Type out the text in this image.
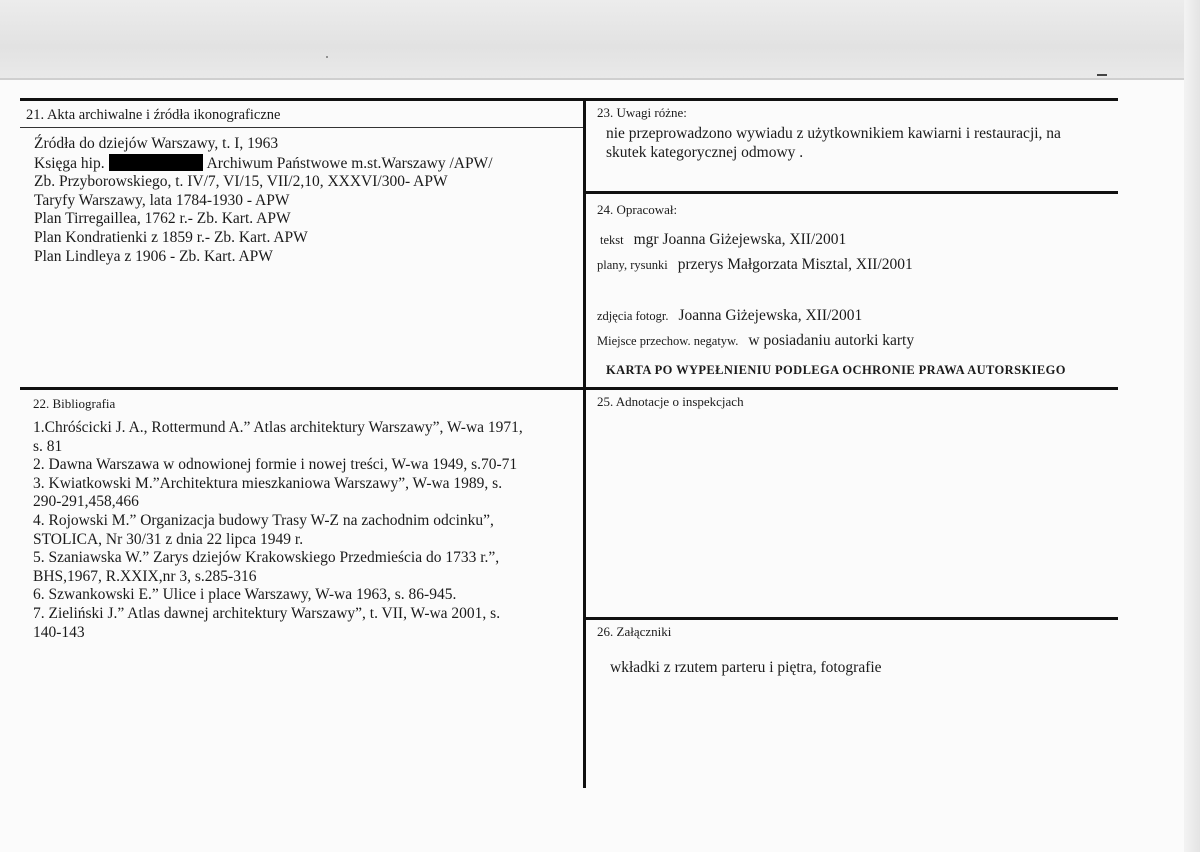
21. Akta archiwalne i źródła ikonograficzne
Źródła do dziejów Warszawy, t. I, 1963
Księga hip.	Archiwum Państwowe m.st.Warszawy /APW/
Zb. Przyborowskiego, t. IV/7, VI/15, VII/2,10, XXXVI/300- APW
Taryfy Warszawy, lata 1784-1930 - APW
Plan Tirregaillea, 1762 r.- Zb. Kart. APW
Plan Kondratienki z 1859 r.- Zb. Kart. APW
Plan Lindleya z 1906 - Zb. Kart. APW
22. Bibliografia
1.Chróścicki J. A., Rottermund A.” Atlas architektury Warszawy”, W-wa 1971,
s. 81
2. Dawna Warszawa w odnowionej formie i nowej treści, W-wa 1949, s.70-71
3. Kwiatkowski M.”Architektura mieszkaniowa Warszawy”, W-wa 1989, s.
290-291,458,466
4. Rojowski M.” Organizacja budowy Trasy W-Z na zachodnim odcinku”,
STOLICA, Nr 30/31 z dnia 22 lipca 1949 r.
5. Szaniawska W.” Zarys dziejów Krakowskiego Przedmieścia do 1733 r.”,
BHS,1967, R.XXIX,nr 3, s.285-316
6. Szwankowski E.” Ulice i place Warszawy, W-wa 1963, s. 86-945.
7. Zieliński J.” Atlas dawnej architektury Warszawy”, t. VII, W-wa 2001, s.
140-143
23. Uwagi różne:
nie przeprowadzono wywiadu z użytkownikiem kawiarni i restauracji, na
skutek kategorycznej odmowy .
24. Opracował:
tekst mgr Joanna Giżejewska, XII/2001
plany, rysunki przerys Małgorzata Misztal, XII/2001
zdjęcia fotogr. Joanna Giżejewska, XII/2001
Miejsce przechow. negatyw. w posiadaniu autorki karty
KARTA PO WYPEŁNIENIU PODLEGA OCHRONIE PRAWA AUTORSKIEGO
25. Adnotacje o inspekcjach
26. Załączniki
wkładki z rzutem parteru i piętra, fotografie
